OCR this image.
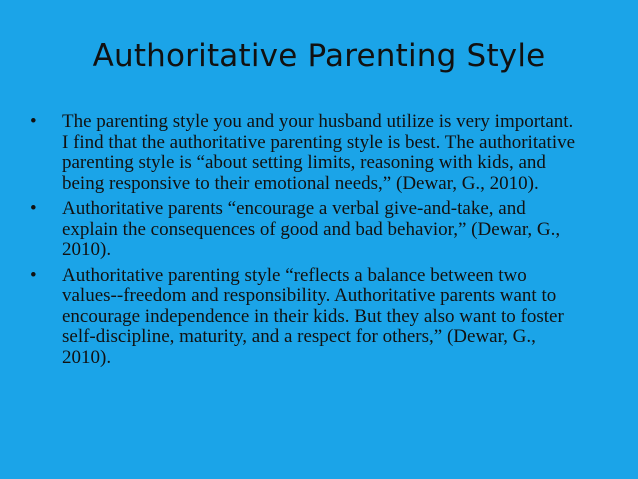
Authoritative Parenting Style
• The parenting style you and your husband utilize is very important. I find that the authoritative parenting style is best. The authoritative parenting style is “about setting limits, reasoning with kids, and being responsive to their emotional needs,” (Dewar, G., 2010).
• Authoritative parents “encourage a verbal give-and-take, and explain the consequences of good and bad behavior,” (Dewar, G., 2010).
• Authoritative parenting style “reflects a balance between two values--freedom and responsibility. Authoritative parents want to encourage independence in their kids. But they also want to foster self-discipline, maturity, and a respect for others,” (Dewar, G., 2010).
